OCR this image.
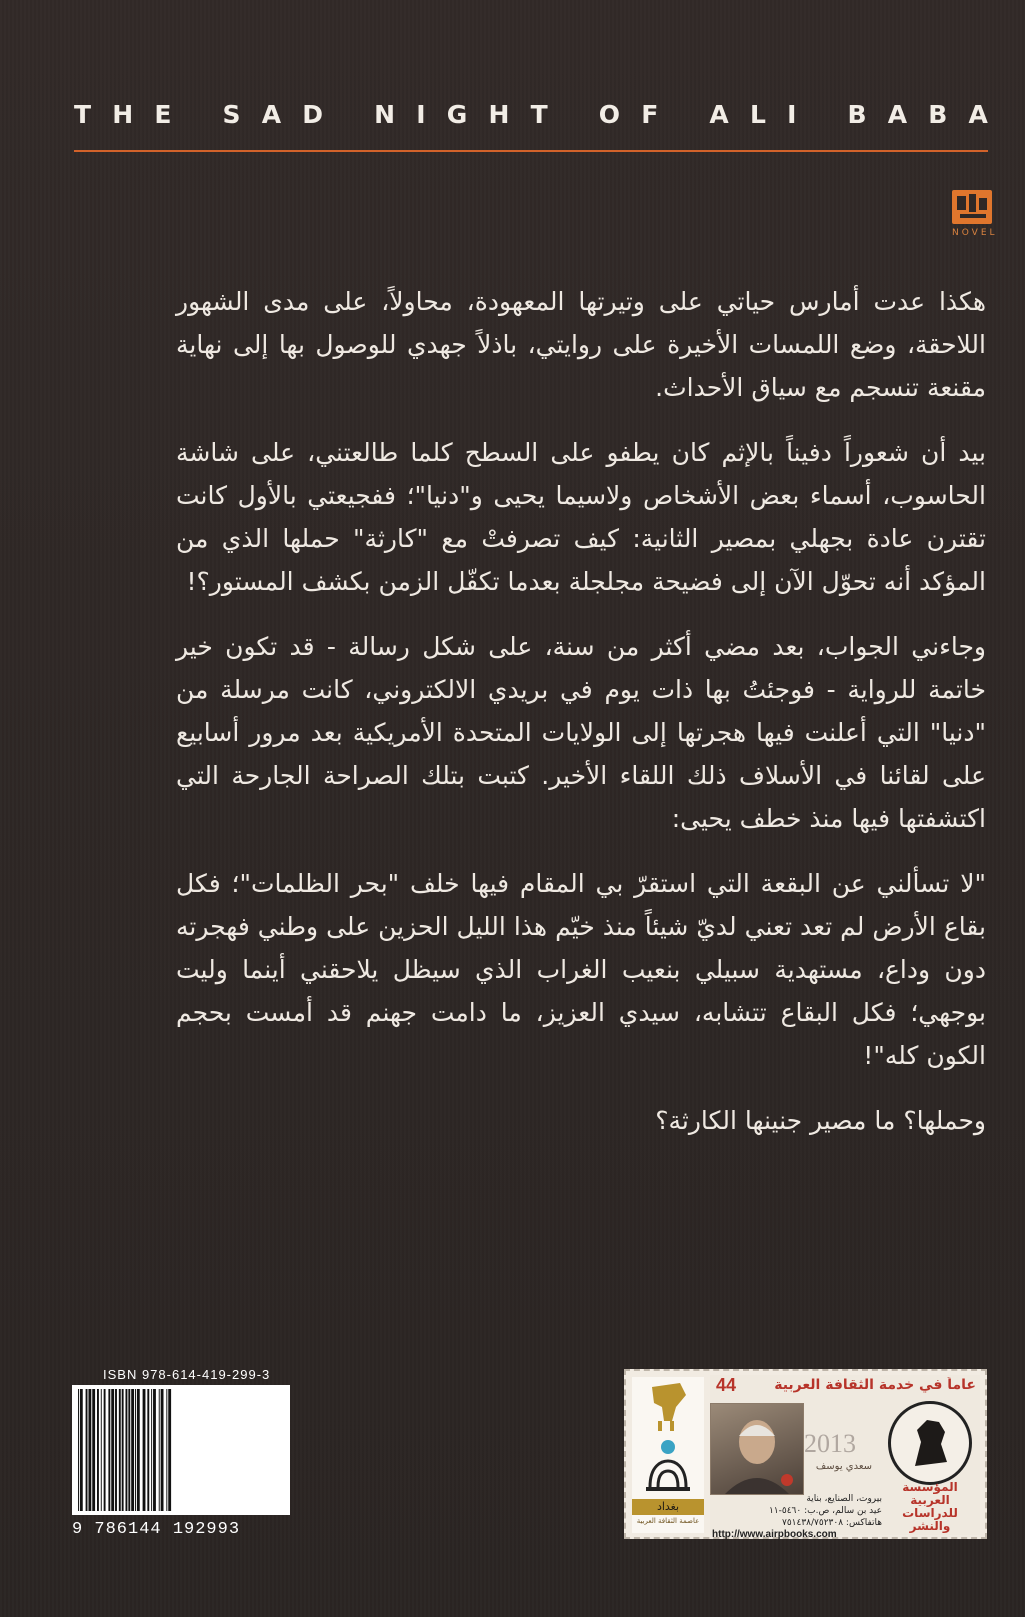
T H E
S A D
N I G H T
O F
A L I
B A B A
NOVEL

هكذا عدت أمارس حياتي على وتيرتها المعهودة، محاولاً، على مدى الشهور اللاحقة، وضع اللمسات الأخيرة على روايتي، باذلاً جهدي للوصول بها إلى نهاية مقنعة تنسجم مع سياق الأحداث.

بيد أن شعوراً دفيناً بالإثم كان يطفو على السطح كلما طالعتني، على شاشة الحاسوب، أسماء بعض الأشخاص ولاسيما يحيى و"دنيا"؛ ففجيعتي بالأول كانت تقترن عادة بجهلي بمصير الثانية: كيف تصرفتْ مع "كارثة" حملها الذي من المؤكد أنه تحوّل الآن إلى فضيحة مجلجلة بعدما تكفّل الزمن بكشف المستور؟!

وجاءني الجواب، بعد مضي أكثر من سنة، على شكل رسالة - قد تكون خير خاتمة للرواية - فوجئتُ بها ذات يوم في بريدي الالكتروني، كانت مرسلة من "دنيا" التي أعلنت فيها هجرتها إلى الولايات المتحدة الأمريكية بعد مرور أسابيع على لقائنا في الأسلاف ذلك اللقاء الأخير. كتبت بتلك الصراحة الجارحة التي اكتشفتها فيها منذ خطف يحيى:

"لا تسألني عن البقعة التي استقرّ بي المقام فيها خلف "بحر الظلمات"؛ فكل بقاع الأرض لم تعد تعني لديّ شيئاً منذ خيّم هذا الليل الحزين على وطني فهجرته دون وداع، مستهدية سبيلي بنعيب الغراب الذي سيظل يلاحقني أينما وليت بوجهي؛ فكل البقاع تتشابه، سيدي العزيز، ما دامت جهنم قد أمست بحجم الكون كله"!

وحملها؟ ما مصير جنينها الكارثة؟

ISBN 978-614-419-299-3
9 786144 192993
بغداد
عاصمة الثقافة العربية
44	عاماً في خدمة الثقافة العربية
2013
سعدي يوسف
بيروت، الصنايع، بناية
عيد بن سالم، ص.ب: ٥٤٦٠-١١
هاتفاكس: ٧٥١٤٣٨/٧٥٢٣٠٨
http://www.airpbooks.com
المؤسسة العربية للدراسات والنشر
